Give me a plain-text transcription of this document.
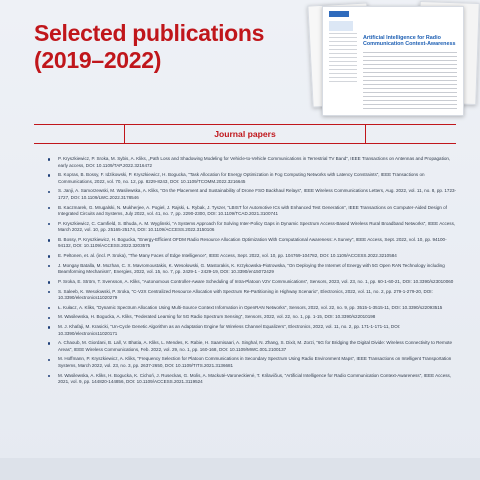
Selected publications
(2019–2022)
Artificial Intelligence for Radio Communication Context-Awareness
Journal papers
P. Kryszkiewicz, P. Sroka, M. Sybis, A. Kliks, „Path Loss and Shadowing Modeling for Vehicle-to-Vehicle Communications in Terrestrial TV Band”, IEEE Transactions on Antennas and Propagation, early access, DOI: 10.1109/TAP.2022.3216472
B. Kopras, B. Bossy, F. Idzikowski, P. Kryszkiewicz, H. Bogucka, “Task Allocation for Energy Optimization in Fog Computing Networks with Latency Constraints”, IEEE Transactions on Communications, 2022, vol. 70, no. 12, pp. 8229-8243, DOI: 10.1109/TCOMM.2022.3216645
S. Janji, A. Samorzewski, M. Wasilewska, A. Kliks, “On the Placement and Sustainability of Drone FSO Backhaul Relays”, IEEE Wireless Communications Letters, Aug. 2022, vol. 11, no. 8, pp. 1723-1727, DOI: 10.1109/LWC.2022.3178546
B. Kaczmarek, G. Mrugalski, N. Mukherjee, A. Pogiel, J. Rajski, Ł. Rybak, J. Tyszer, “LBIST for Automotive ICs with Enhanced Test Generation”, IEEE Transactions on Computer-Aided Design of Integrated Circuits and Systems, July 2022, vol. 41, no. 7, pp. 2290-2300, DOI: 10.1109/TCAD.2021.3100741
P. Kryszkiewicz, C. Camfield, S. Bhuda, A. M. Wyglinski, “A Systems Approach for Solving Inter-Policy Gaps in Dynamic Spectrum Access-Based Wireless Rural Broadband Networks”, IEEE Access, March 2022, vol. 10, pp. 25165-25174, DOI: 10.1109/ACCESS.2022.3150106
B. Bossy, P. Kryszkiewicz, H. Bogucka, “Energy-Efficient OFDM Radio Resource Allocation Optimization With Computational Awareness: A Survey”, IEEE Access, Sept. 2022, vol. 10, pp. 94100-94132, DOI: 10.1109/ACCESS.2022.3203575
E. Peltonen, et. al. (incl. P. Sroka), “The Many Faces of Edge Intelligence”, IEEE Access, Sept. 2022, vol. 10, pp. 104769-104782, DOI: 10.1109/ACCESS.2022.3210584
J. Mongay Batalla, M. Mozhan, C. X. Mavromoustakis, K. Wesołowski, G. Mastorakis, K. Krzykowska-Piotrowska, “On Deploying the Internet of Energy with 5G Open RAN Technology including Beamforming Mechanism”, Energies, 2022, vol. 15, no. 7, pp. 2429-1 - 2429-19, DOI: 10.3390/en15072429
P. Sroka, E. Ström, T. Svensson, A. Kliks, “Autonomous Controller-Aware Scheduling of Intra-Platoon V2V Communications”, Sensors, 2023, vol. 23, no. 1, pp. 60-1-60-21, DOI: 10.3390/s23010060
S. Saleeb, K. Wesołowski, P. Sroka, “C-V2X Centralized Resource Allocation with Spectrum Re-Partitioning in Highway Scenario”, Electronics, 2022, vol. 11, no. 2, pp. 279-1-279-20, DOI: 10.3390/electronics11020279
Ł. Kułacz, A. Kliks, “Dynamic Spectrum Allocation Using Multi-Source Context Information in OpenRAN Networks”, Sensors, 2022, vol. 22, no. 9, pp. 3515-1-3515-11, DOI: 10.3390/s22093515
M. Wasilewska, H. Bogucka, A. Kliks, “Federated Learning for 5G Radio Spectrum Sensing”, Sensors, 2022, vol. 22, no. 1, pp. 1-15, DOI: 10.3390/s22010198
M. J. Khafaji, M. Krasicki, “Un-Cycle Genetic Algorithm as an Adaptation Engine for Wireless Channel Equalizers”, Electronics, 2022, vol. 11, no. 2, pp. 171-1-171-11, DOI: 10.3390/electronics11020171
A. Chaoub, M. Giordani, B. Lall, V. Bhatia, A. Kliks, L. Mendes, K. Rabie, H. Saarnisaari, A. Singhal, N. Zhang, S. Dixit, M. Zorzi, “6G for Bridging the Digital Divide: Wireless Connectivity to Remote Areas”, IEEE Wireless Communications, Feb. 2022, vol. 29, no. 1, pp. 160-168, DOI: 10.1109/MWC.001.2100137
M. Hoffmann, P. Kryszkiewicz, A. Kliks, “Frequency Selection for Platoon Communications in Secondary Spectrum Using Radio Environment Maps”, IEEE Transactions on Intelligent Transportation Systems, March 2022, vol. 23, no. 3, pp. 2637-2650, DOI: 10.1109/TITS.2021.3136681
M. Wasilewska, A. Kliks, H. Bogucka, K. Cichoń, J. Ruseckas, G. Molis, A. Mackutė-Varoneckienė, T. Krilavičius, “Artificial Intelligence for Radio Communication Context-Awareness”, IEEE Access, 2021, vol. 9, pp. 144820-144856, DOI: 10.1109/ACCESS.2021.3119524
